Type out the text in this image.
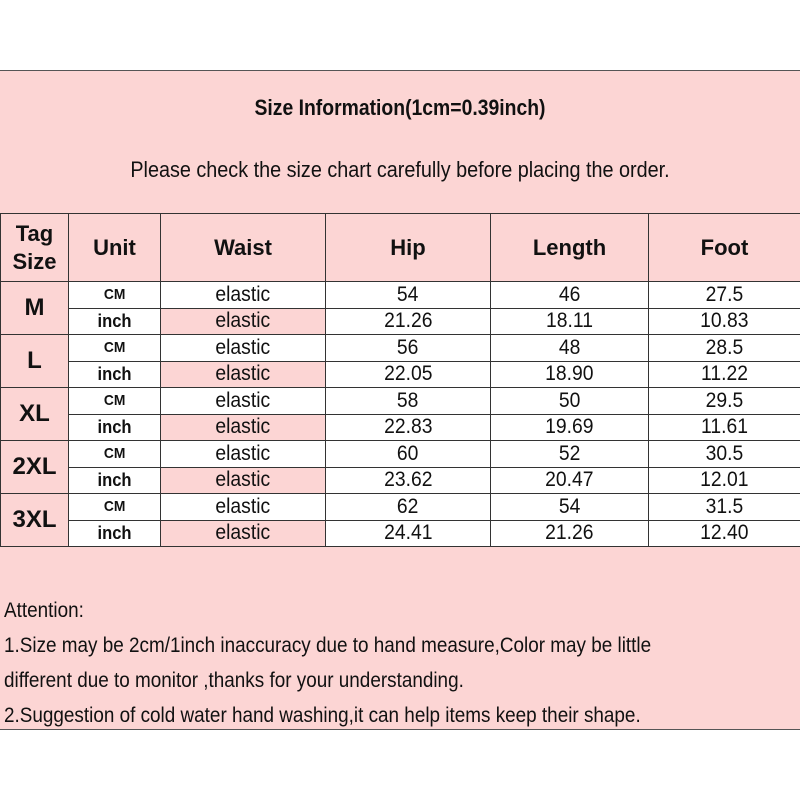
Size Information(1cm=0.39inch)
Please check the size chart carefully before placing the order.
Tag
Size	Unit	Waist	Hip	Length	Foot
M	CM	elastic	54	46	27.5
	inch	elastic	21.26	18.11	10.83
L	CM	elastic	56	48	28.5
	inch	elastic	22.05	18.90	11.22
XL	CM	elastic	58	50	29.5
	inch	elastic	22.83	19.69	11.61
2XL	CM	elastic	60	52	30.5
	inch	elastic	23.62	20.47	12.01
3XL	CM	elastic	62	54	31.5
	inch	elastic	24.41	21.26	12.40
Attention:
1.Size may be 2cm/1inch inaccuracy due to hand measure,Color may be little
different due to monitor ,thanks for your understanding.
2.Suggestion of cold water hand washing,it can help items keep their shape.
